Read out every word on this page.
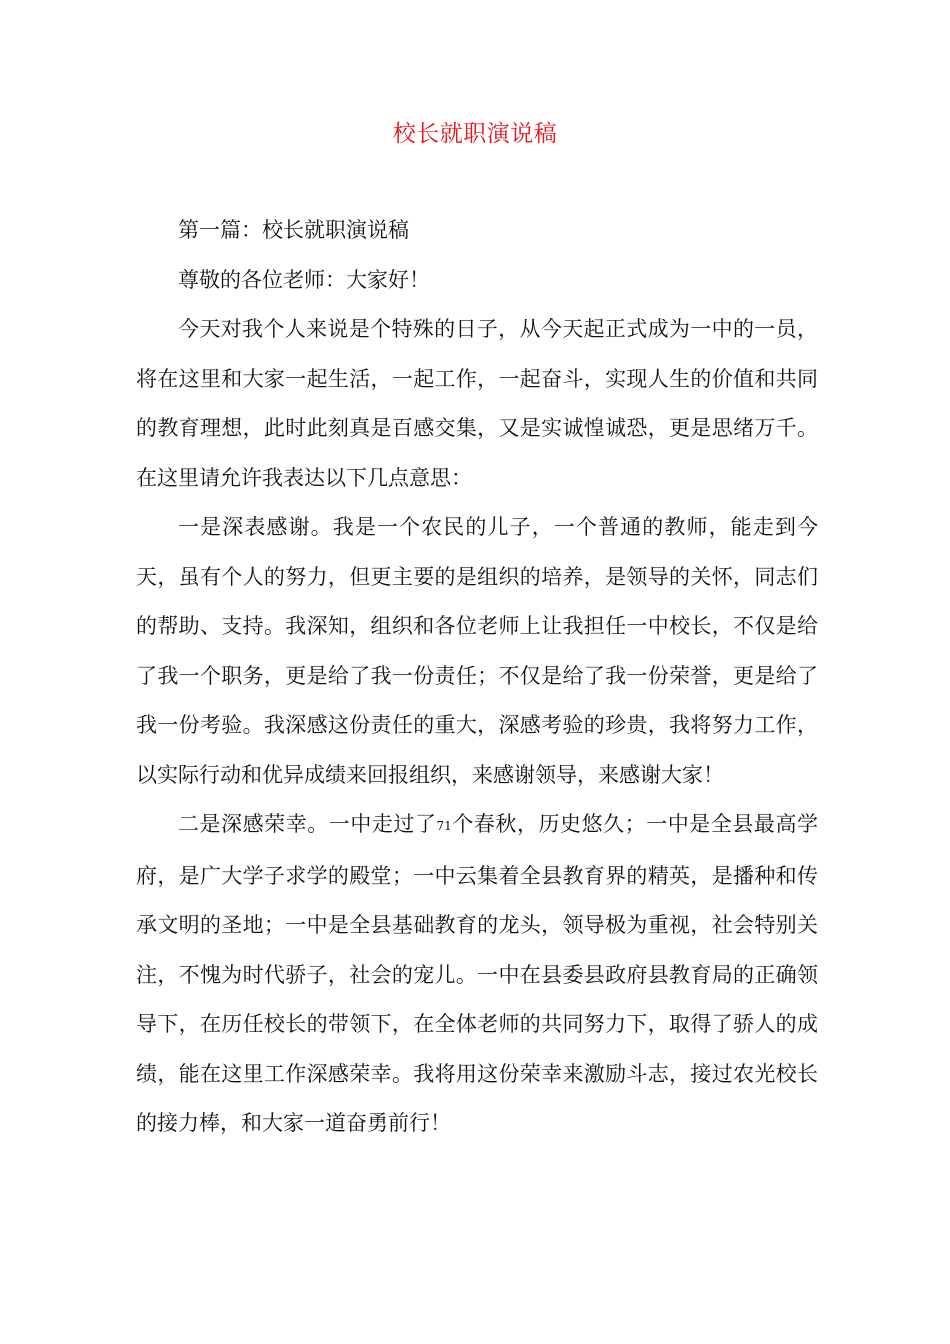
校长就职演说稿

第一篇：校长就职演说稿

尊敬的各位老师：大家好！

今天对我个人来说是个特殊的日子，从今天起正式成为一中的一员，将在这里和大家一起生活，一起工作，一起奋斗，实现人生的价值和共同的教育理想，此时此刻真是百感交集，又是实诚惶诚恐，更是思绪万千。在这里请允许我表达以下几点意思：

一是深表感谢。我是一个农民的儿子，一个普通的教师，能走到今天，虽有个人的努力，但更主要的是组织的培养，是领导的关怀，同志们的帮助、支持。我深知，组织和各位老师上让我担任一中校长，不仅是给了我一个职务，更是给了我一份责任；不仅是给了我一份荣誉，更是给了我一份考验。我深感这份责任的重大，深感考验的珍贵，我将努力工作，以实际行动和优异成绩来回报组织，来感谢领导，来感谢大家！

二是深感荣幸。一中走过了71个春秋，历史悠久；一中是全县最高学府，是广大学子求学的殿堂；一中云集着全县教育界的精英，是播种和传承文明的圣地；一中是全县基础教育的龙头，领导极为重视，社会特别关注，不愧为时代骄子，社会的宠儿。一中在县委县政府县教育局的正确领导下，在历任校长的带领下，在全体老师的共同努力下，取得了骄人的成绩，能在这里工作深感荣幸。我将用这份荣幸来激励斗志，接过农光校长的接力棒，和大家一道奋勇前行！
